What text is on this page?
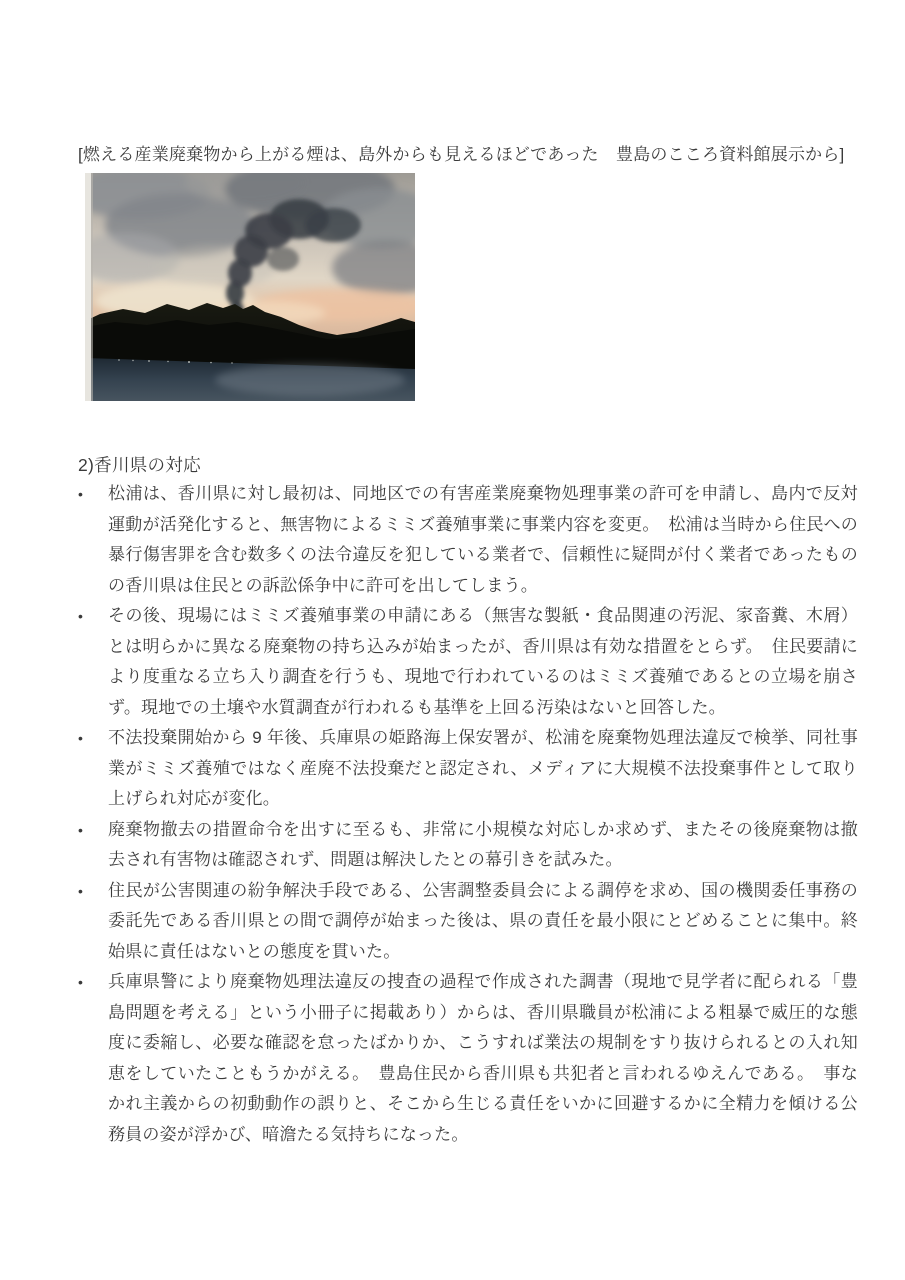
[燃える産業廃棄物から上がる煙は、島外からも見えるほどであった　豊島のこころ資料館展示から]
2)香川県の対応
•	松浦は、香川県に対し最初は、同地区での有害産業廃棄物処理事業の許可を申請し、島内で反対運動が活発化すると、無害物によるミミズ養殖事業に事業内容を変更。　松浦は当時から住民への暴行傷害罪を含む数多くの法令違反を犯している業者で、信頼性に疑問が付く業者であったものの香川県は住民との訴訟係争中に許可を出してしまう。
•	その後、現場にはミミズ養殖事業の申請にある（無害な製紙・食品関連の汚泥、家畜糞、木屑）とは明らかに異なる廃棄物の持ち込みが始まったが、香川県は有効な措置をとらず。　住民要請により度重なる立ち入り調査を行うも、現地で行われているのはミミズ養殖であるとの立場を崩さず。現地での土壌や水質調査が行われるも基準を上回る汚染はないと回答した。
•	不法投棄開始から 9 年後、兵庫県の姫路海上保安署が、松浦を廃棄物処理法違反で検挙、同社事業がミミズ養殖ではなく産廃不法投棄だと認定され、メディアに大規模不法投棄事件として取り上げられ対応が変化。
•	廃棄物撤去の措置命令を出すに至るも、非常に小規模な対応しか求めず、またその後廃棄物は撤去され有害物は確認されず、問題は解決したとの幕引きを試みた。
•	住民が公害関連の紛争解決手段である、公害調整委員会による調停を求め、国の機関委任事務の委託先である香川県との間で調停が始まった後は、県の責任を最小限にとどめることに集中。終始県に責任はないとの態度を貫いた。
•	兵庫県警により廃棄物処理法違反の捜査の過程で作成された調書（現地で見学者に配られる「豊島問題を考える」という小冊子に掲載あり）からは、香川県職員が松浦による粗暴で威圧的な態度に委縮し、必要な確認を怠ったばかりか、こうすれば業法の規制をすり抜けられるとの入れ知恵をしていたこともうかがえる。　豊島住民から香川県も共犯者と言われるゆえんである。　事なかれ主義からの初動動作の誤りと、そこから生じる責任をいかに回避するかに全精力を傾ける公務員の姿が浮かび、暗澹たる気持ちになった。
